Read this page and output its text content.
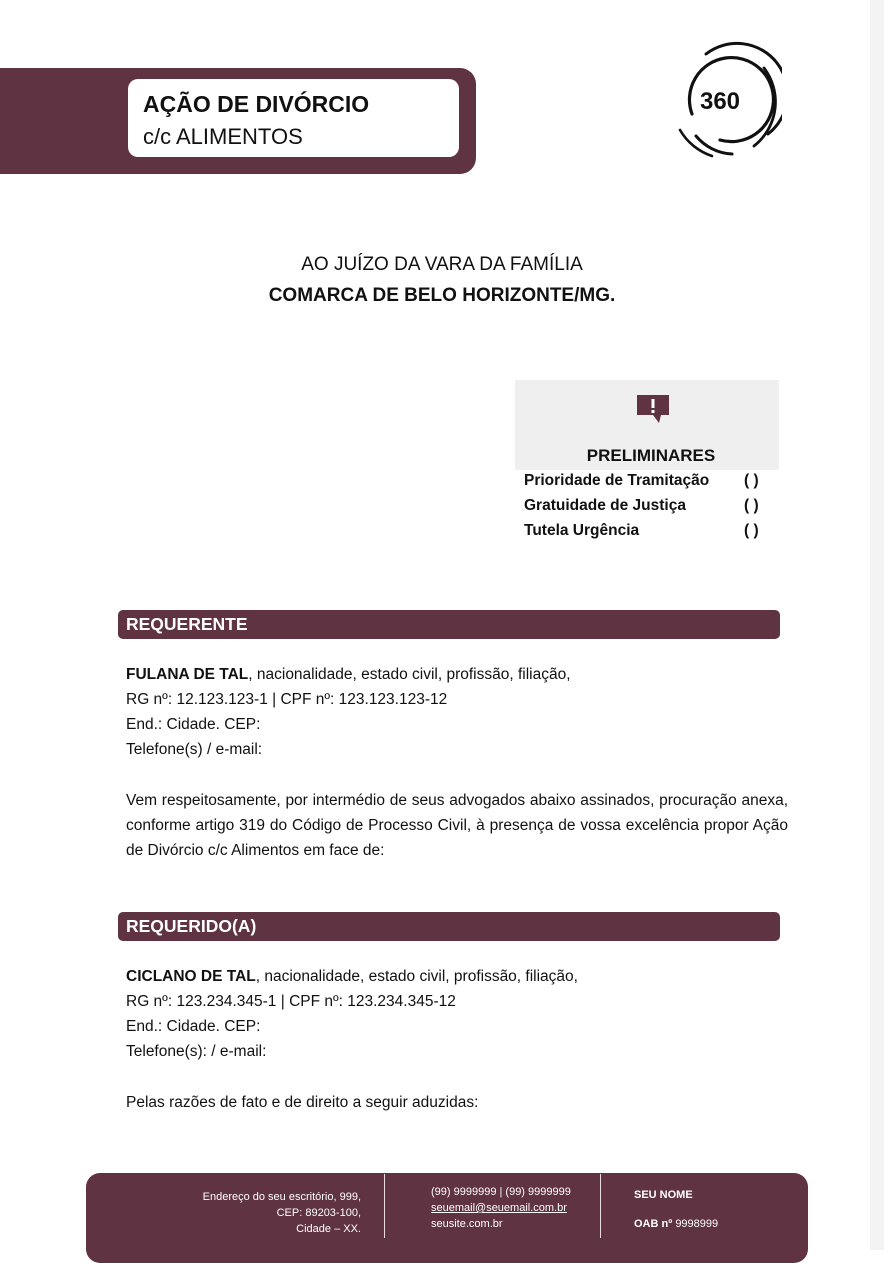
AÇÃO DE DIVÓRCIO
c/c ALIMENTOS
360
AO JUÍZO DA VARA DA FAMÍLIA
COMARCA DE BELO HORIZONTE/MG.
PRELIMINARES
Prioridade de Tramitação ( )
Gratuidade de Justiça	( )
Tutela Urgência	( )
REQUERENTE
FULANA DE TAL, nacionalidade, estado civil, profissão, filiação,
RG nº: 12.123.123-1 | CPF nº: 123.123.123-12
End.: Cidade. CEP:
Telefone(s) / e-mail:
Vem respeitosamente, por intermédio de seus advogados abaixo assinados, procuração anexa, conforme artigo 319 do Código de Processo Civil, à presença de vossa excelência propor Ação de Divórcio c/c Alimentos em face de:
REQUERIDO(A)
CICLANO DE TAL, nacionalidade, estado civil, profissão, filiação,
RG nº: 123.234.345-1 | CPF nº: 123.234.345-12
End.: Cidade. CEP:
Telefone(s): / e-mail:
Pelas razões de fato e de direito a seguir aduzidas:
Endereço do seu escritório, 999,
CEP: 89203-100,
Cidade – XX.
(99) 9999999 | (99) 9999999
seuemail@seuemail.com.br
seusite.com.br
SEU NOME
OAB nº 9998999
